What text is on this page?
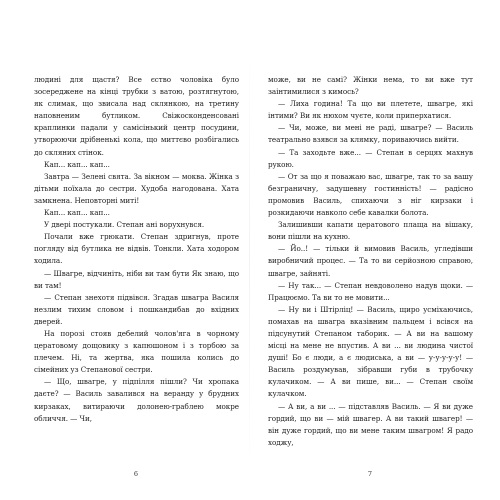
людині для щастя? Все єство чоловіка було зосереджене на кінці трубки з ватою, розтягнутою, як слимак, що звисала над склянкою, на третину наповненим бутликом. Свіжосконденсовані краплинки падали у самісінький центр посудини, утворюючи дрібненькі кола, що миттєво розбігались до скляних стінок.

Кап... кап... кап...

Завтра — Зелені свята. За вікном — моква. Жінка з дітьми поїхала до сестри. Худоба нагодована. Хата замкнена. Неповторні миті!

Кап... кап... кап...

У двері постукали. Степан ані ворухнувся.

Почали вже грюкати. Степан здригнув, проте погляду від бутлика не відвів. Тонкли. Хата ходором ходила.

— Швагре, відчиніть, ніби ви там бути Як знаю, що ви там!

— Степан знехотя підвівся. Згадав швагра Василя незлим тихим словом і пошкандибав до вхідних дверей.

На порозі стояв дебелий чолов'яга в чорному цератовому дощовику з капюшоном і з торбою за плечем. Ні, та жертва, яка пошила колись до сімейних уз Степанової сестри.

— Що, швагре, у підпілля пішли? Чи хропака даєте? — Василь завалився на веранду у брудних кирзаках, витираючи долонею-граблею мокре обличчя. — Чи,

6

може, ви не самі? Жінки нема, то ви вже тут заінтимилися з кимось?

— Лиха година! Та що ви плетете, швагре, які інтими? Ви як нюхом чуєте, коли приперхатися.

— Чи, може, ви мені не раді, швагре? — Василь театрально взявся за клямку, пориваючись вийти.

— Та заходьте вже... — Степан в серцях махнув рукою.

— От за що я поважаю вас, швагре, так то за вашу безграничну, задушевну гостинність! — радісно промовив Василь, спихаючи з ніг кирзаки і розкидаючи навколо себе кавалки болота.

Залишивши капати цератового плаща на вішаку, вони пішли на кухню.

— Йо..! — тільки й вимовив Василь, угледівши виробничий процес. — Та то ви серйозною справою, швагре, зайняті.

— Ну так... — Степан невдоволено надув щоки. — Працюємо. Та ви то не мовити...

— Ну ви і Штірліц! — Василь, щиро усміхаючись, помахав на швагра вказівним пальцем і всівся на підсунутий Степаном таборик. — А ви на вашому місці на мене не впустив. А ви ... ви людина чистої душі! Бо є люди, а є людиська, а ви — у-у-у-у-у! — Василь роздумував, зібравши губи в трубочку кулачиком. — А ви пише, ви... — Степан своїм кулачком.

— А ви, а ви ... — підставляв Василь. — Я ви дуже гордий, що ви — мій швагер. А ви такий швагер! — він дуже гордий, що ви мене таким швагром! Я радо ходжу,

7
